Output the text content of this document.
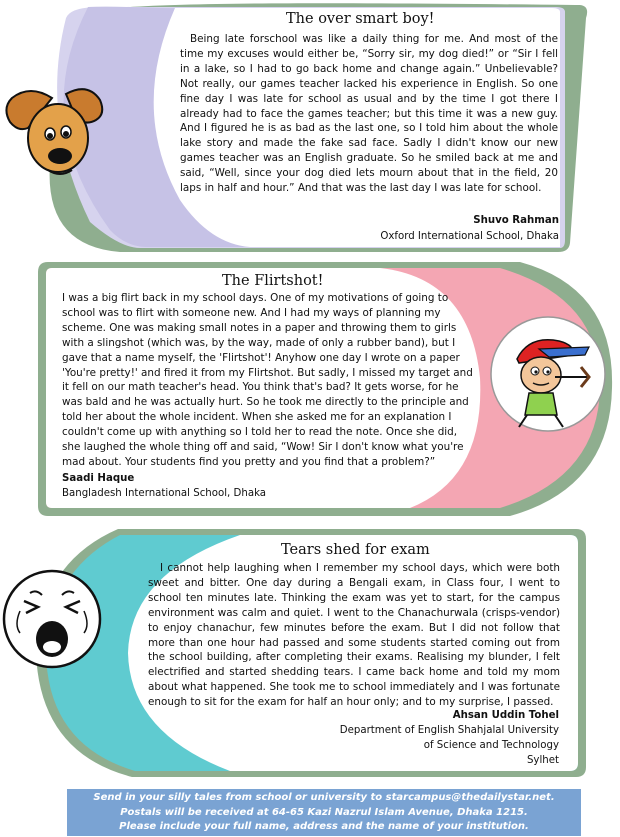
The over smart boy!
Being late forschool was like a daily thing for me. And most of the time my excuses would either be, “Sorry sir, my dog died!” or “Sir I fell in a lake, so I had to go back home and change again.” Unbelievable? Not really, our games teacher lacked his experience in English. So one fine day I was late for school as usual and by the time I got there I already had to face the games teacher; but this time it was a new guy. And I figured he is as bad as the last one, so I told him about the whole lake story and made the fake sad face. Sadly I didn't know our new games teacher was an English graduate. So he smiled back at me and said, “Well, since your dog died lets mourn about that in the field, 20 laps in half and hour.” And that was the last day I was late for school.
Shuvo Rahman
Oxford International School, Dhaka
The Flirtshot!
I was a big flirt back in my school days. One of my motivations of going to school was to flirt with someone new. And I had my ways of planning my scheme. One was making small notes in a paper and throwing them to girls with a slingshot (which was, by the way, made of only a rubber band), but I gave that a name myself, the 'Flirtshot'! Anyhow one day I wrote on a paper 'You're pretty!' and fired it from my Flirtshot. But sadly, I missed my target and it fell on our math teacher's head. You think that's bad? It gets worse, for he was bald and he was actually hurt. So he took me directly to the principle and told her about the whole incident. When she asked me for an explanation I couldn't come up with anything so I told her to read the note. Once she did, she laughed the whole thing off and said, “Wow! Sir I don't know what you're mad about. Your students find you pretty and you find that a problem?”
Saadi Haque
Bangladesh International School, Dhaka
Tears shed for exam
I cannot help laughing when I remember my school days, which were both sweet and bitter. One day during a Bengali exam, in Class four, I went to school ten minutes late. Thinking the exam was yet to start, for the campus environment was calm and quiet. I went to the Chanachurwala (crisps-vendor) to enjoy chanachur, few minutes before the exam. But I did not follow that more than one hour had passed and some students started coming out from the school building, after completing their exams. Realising my blunder, I felt electrified and started shedding tears. I came back home and told my mom about what happened. She took me to school immediately and I was fortunate enough to sit for the exam for half an hour only; and to my surprise, I passed.
Ahsan Uddin Tohel
Department of English Shahjalal University
of Science and Technology
Sylhet
Send in your silly tales from school or university to starcampus@thedailystar.net.
Postals will be received at 64-65 Kazi Nazrul Islam Avenue, Dhaka 1215.
Please include your full name, address and the name of your institution.
